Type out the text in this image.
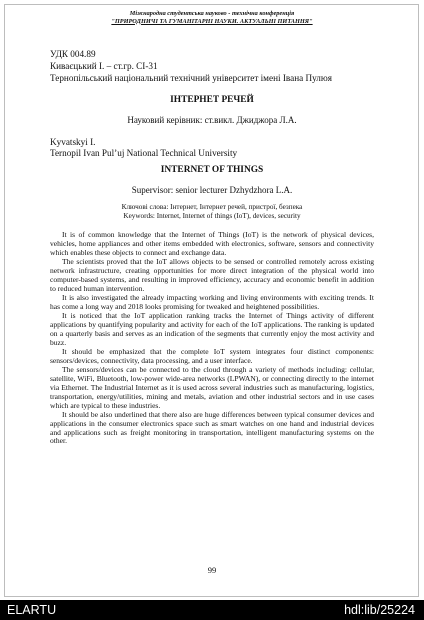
Міжнародна студентська науково - технічна конференція
"ПРИРОДНИЧІ ТА ГУМАНІТАРНІ НАУКИ. АКТУАЛЬНІ ПИТАННЯ"
УДК 004.89
Киваєцький І. – ст.гр. СІ-31
Тернопільський національний технічний університет імені Івана Пулюя
ІНТЕРНЕТ РЕЧЕЙ
Науковий керівник: ст.викл. Джиджора Л.А.
Kyvatskyi I.
Ternopil Ivan Pul’uj National Technical University
INTERNET OF THINGS
Supervisor: senior lecturer Dzhydzhora L.A.
Ключові слова: Інтернет, Інтернет речей, пристрої, безпека
Keywords: Internet, Internet of things (IoT), devices, security

It is of common knowledge that the Internet of Things (IoT) is the network of physical devices, vehicles, home appliances and other items embedded with electronics, software, sensors and connectivity which enables these objects to connect and exchange data.

The scientists proved that the IoT allows objects to be sensed or controlled remotely across existing network infrastructure, creating opportunities for more direct integration of the physical world into computer-based systems, and resulting in improved efficiency, accuracy and economic benefit in addition to reduced human intervention.

It is also investigated the already impacting working and living environments with exciting trends. It has come a long way and 2018 looks promising for tweaked and heightened possibilities.

It is noticed that the IoT application ranking tracks the Internet of Things activity of different applications by quantifying popularity and activity for each of the IoT applications. The ranking is updated on a quarterly basis and serves as an indication of the segments that currently enjoy the most activity and buzz.

It should be emphasized that the complete IoT system integrates four distinct components: sensors/devices, connectivity, data processing, and a user interface.

The sensors/devices can be connected to the cloud through a variety of methods including: cellular, satellite, WiFi, Bluetooth, low-power wide-area networks (LPWAN), or connecting directly to the internet via Ethernet. The Industrial Internet as it is used across several industries such as manufacturing, logistics, transportation, energy/utilities, mining and metals, aviation and other industrial sectors and in use cases which are typical to these industries.

It should be also underlined that there also are huge differences between typical consumer devices and applications in the consumer electronics space such as smart watches on one hand and industrial devices and applications such as freight monitoring in transportation, intelligent manufacturing systems on the other.

99
ELARTU	hdl:lib/25224
